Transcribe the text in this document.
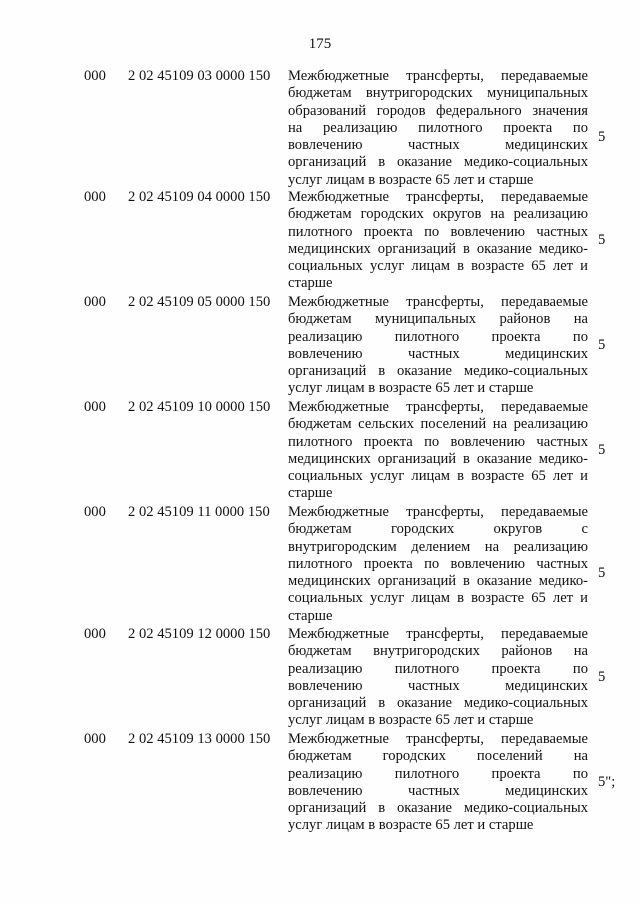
175
000 2 02 45109 03 0000 150 Межбюджетные трансферты, передаваемые
бюджетам внутригородских муниципальных
образований городов федерального значения
на реализацию пилотного проекта по
вовлечению частных медицинских
организаций в оказание медико-социальных
услуг лицам в возрасте 65 лет и старше
5
000 2 02 45109 04 0000 150 Межбюджетные трансферты, передаваемые
бюджетам городских округов на реализацию
пилотного проекта по вовлечению частных
медицинских организаций в оказание медико-
социальных услуг лицам в возрасте 65 лет и
старше
5
000 2 02 45109 05 0000 150 Межбюджетные трансферты, передаваемые
бюджетам муниципальных районов на
реализацию пилотного проекта по
вовлечению частных медицинских
организаций в оказание медико-социальных
услуг лицам в возрасте 65 лет и старше
5
000 2 02 45109 10 0000 150 Межбюджетные трансферты, передаваемые
бюджетам сельских поселений на реализацию
пилотного проекта по вовлечению частных
медицинских организаций в оказание медико-
социальных услуг лицам в возрасте 65 лет и
старше
5
000 2 02 45109 11 0000 150 Межбюджетные трансферты, передаваемые
бюджетам городских округов с
внутригородским делением на реализацию
пилотного проекта по вовлечению частных
медицинских организаций в оказание медико-
социальных услуг лицам в возрасте 65 лет и
старше
5
000 2 02 45109 12 0000 150 Межбюджетные трансферты, передаваемые
бюджетам внутригородских районов на
реализацию пилотного проекта по
вовлечению частных медицинских
организаций в оказание медико-социальных
услуг лицам в возрасте 65 лет и старше
5
000 2 02 45109 13 0000 150 Межбюджетные трансферты, передаваемые
бюджетам городских поселений на
реализацию пилотного проекта по
вовлечению частных медицинских
организаций в оказание медико-социальных
услуг лицам в возрасте 65 лет и старше
5";
